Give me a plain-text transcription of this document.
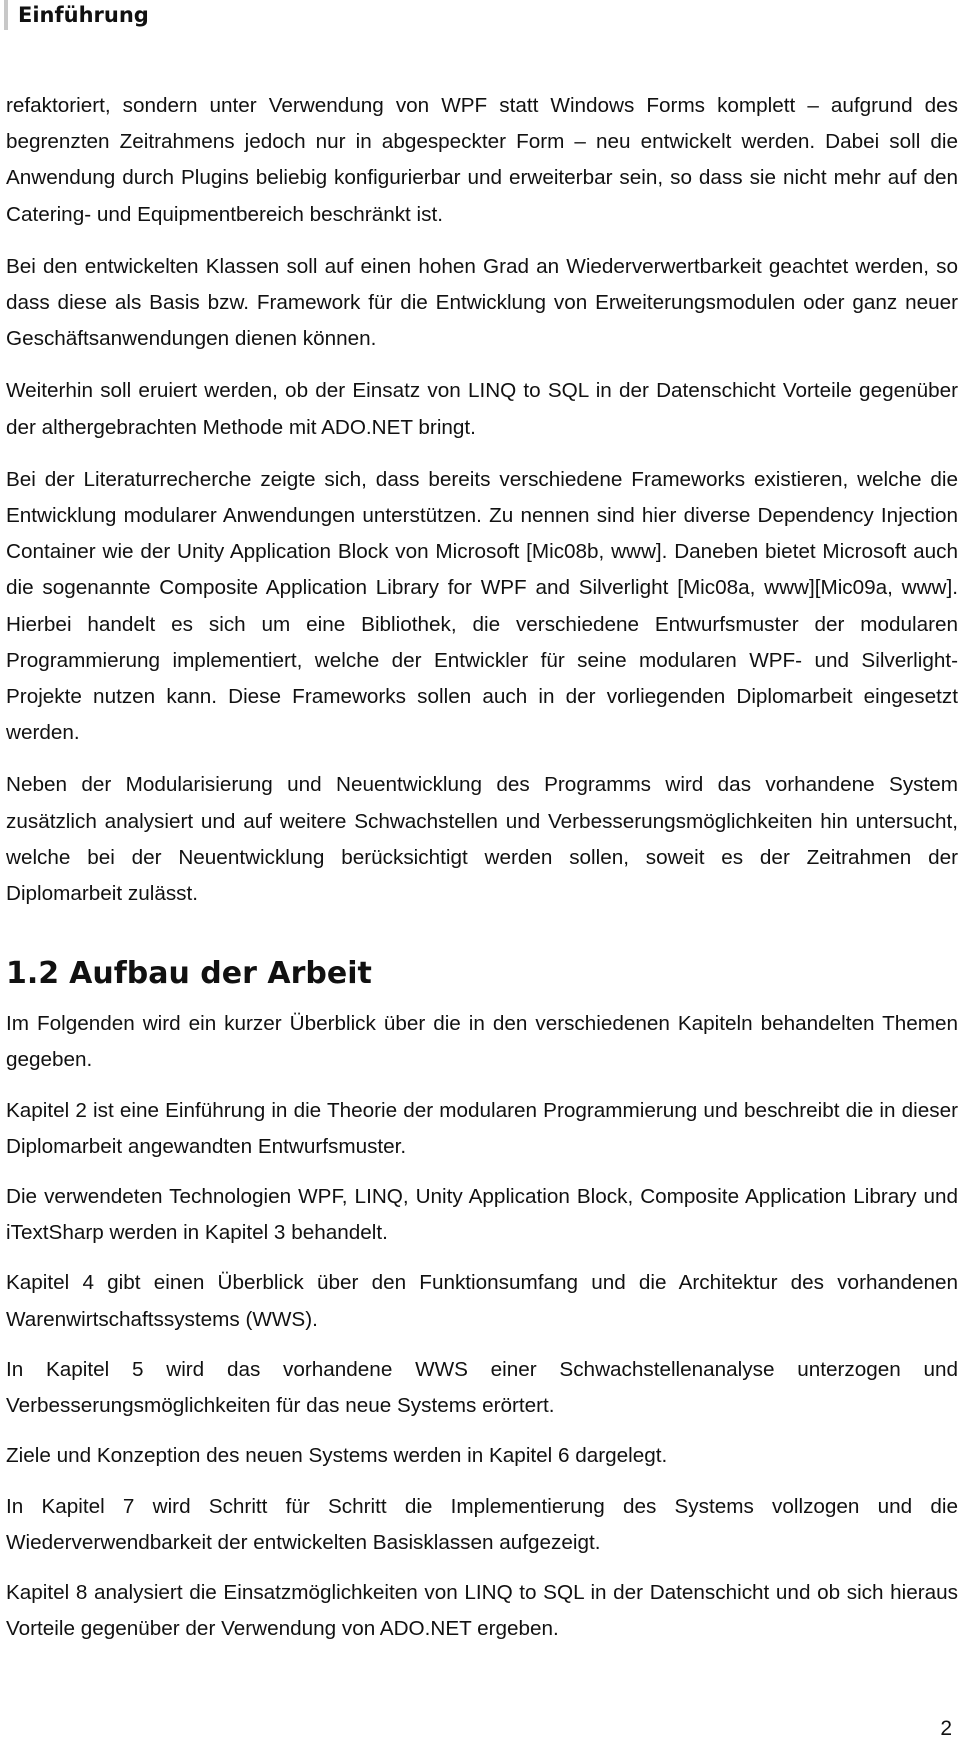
Einführung

refaktoriert, sondern unter Verwendung von WPF statt Windows Forms komplett – aufgrund des begrenzten Zeitrahmens jedoch nur in abgespeckter Form – neu entwickelt werden. Dabei soll die Anwendung durch Plugins beliebig konfigurierbar und erweiterbar sein, so dass sie nicht mehr auf den Catering- und Equipmentbereich beschränkt ist.

Bei den entwickelten Klassen soll auf einen hohen Grad an Wiederverwertbarkeit geachtet werden, so dass diese als Basis bzw. Framework für die Entwicklung von Erweiterungsmodulen oder ganz neuer Geschäftsanwendungen dienen können.

Weiterhin soll eruiert werden, ob der Einsatz von LINQ to SQL in der Datenschicht Vorteile gegenüber der althergebrachten Methode mit ADO.NET bringt.

Bei der Literaturrecherche zeigte sich, dass bereits verschiedene Frameworks existieren, welche die Entwicklung modularer Anwendungen unterstützen. Zu nennen sind hier diverse Dependency Injection Container wie der Unity Application Block von Microsoft [Mic08b, www]. Daneben bietet Microsoft auch die sogenannte Composite Application Library for WPF and Silverlight [Mic08a, www][Mic09a, www]. Hierbei handelt es sich um eine Bibliothek, die verschiedene Entwurfsmuster der modularen Programmierung implementiert, welche der Entwickler für seine modularen WPF- und Silverlight-Projekte nutzen kann. Diese Frameworks sollen auch in der vorliegenden Diplomarbeit eingesetzt werden.

Neben der Modularisierung und Neuentwicklung des Programms wird das vorhandene System zusätzlich analysiert und auf weitere Schwachstellen und Verbesserungsmöglichkeiten hin untersucht, welche bei der Neuentwicklung berücksichtigt werden sollen, soweit es der Zeitrahmen der Diplomarbeit zulässt.

1.2 Aufbau der Arbeit

Im Folgenden wird ein kurzer Überblick über die in den verschiedenen Kapiteln behandelten Themen gegeben.

Kapitel 2 ist eine Einführung in die Theorie der modularen Programmierung und beschreibt die in dieser Diplomarbeit angewandten Entwurfsmuster.

Die verwendeten Technologien WPF, LINQ, Unity Application Block, Composite Application Library und iTextSharp werden in Kapitel 3 behandelt.

Kapitel 4 gibt einen Überblick über den Funktionsumfang und die Architektur des vorhandenen Warenwirtschaftssystems (WWS).

In Kapitel 5 wird das vorhandene WWS einer Schwachstellenanalyse unterzogen und Verbesserungsmöglichkeiten für das neue Systems erörtert.

Ziele und Konzeption des neuen Systems werden in Kapitel 6 dargelegt.

In Kapitel 7 wird Schritt für Schritt die Implementierung des Systems vollzogen und die Wiederverwendbarkeit der entwickelten Basisklassen aufgezeigt.

Kapitel 8 analysiert die Einsatzmöglichkeiten von LINQ to SQL in der Datenschicht und ob sich hieraus Vorteile gegenüber der Verwendung von ADO.NET ergeben.

2
